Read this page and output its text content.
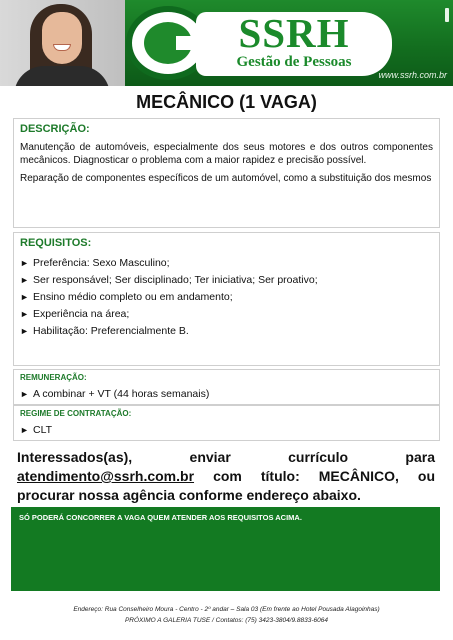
SSRH
Gestão de Pessoas
www.ssrh.com.br
MECÂNICO (1 VAGA)
DESCRIÇÃO:

Manutenção de automóveis, especialmente dos seus motores e dos outros componentes mecânicos. Diagnosticar o problema com a maior rapidez e precisão possível.

Reparação de componentes específicos de um automóvel, como a substituição dos mesmos

REQUISITOS:
► Preferência: Sexo Masculino;
► Ser responsável; Ser disciplinado; Ter iniciativa; Ser proativo;
► Ensino médio completo ou em andamento;
► Experiência na área;
► Habilitação: Preferencialmente B.
REMUNERAÇÃO:
► A combinar + VT (44 horas semanais)
REGIME DE CONTRATAÇÃO:
► CLT
Interessados(as), enviar currículo para atendimento@ssrh.com.br com título: MECÂNICO, ou procurar nossa agência conforme endereço abaixo.
SÓ PODERÁ CONCORRER A VAGA QUEM ATENDER AOS REQUISITOS ACIMA.
Endereço: Rua Conselheiro Moura - Centro - 2º andar – Sala 03 (Em frente ao Hotel Pousada Alagoinhas)
PRÓXIMO A GALERIA TUSE / Contatos: (75) 3423-3804/9.8833-6064
